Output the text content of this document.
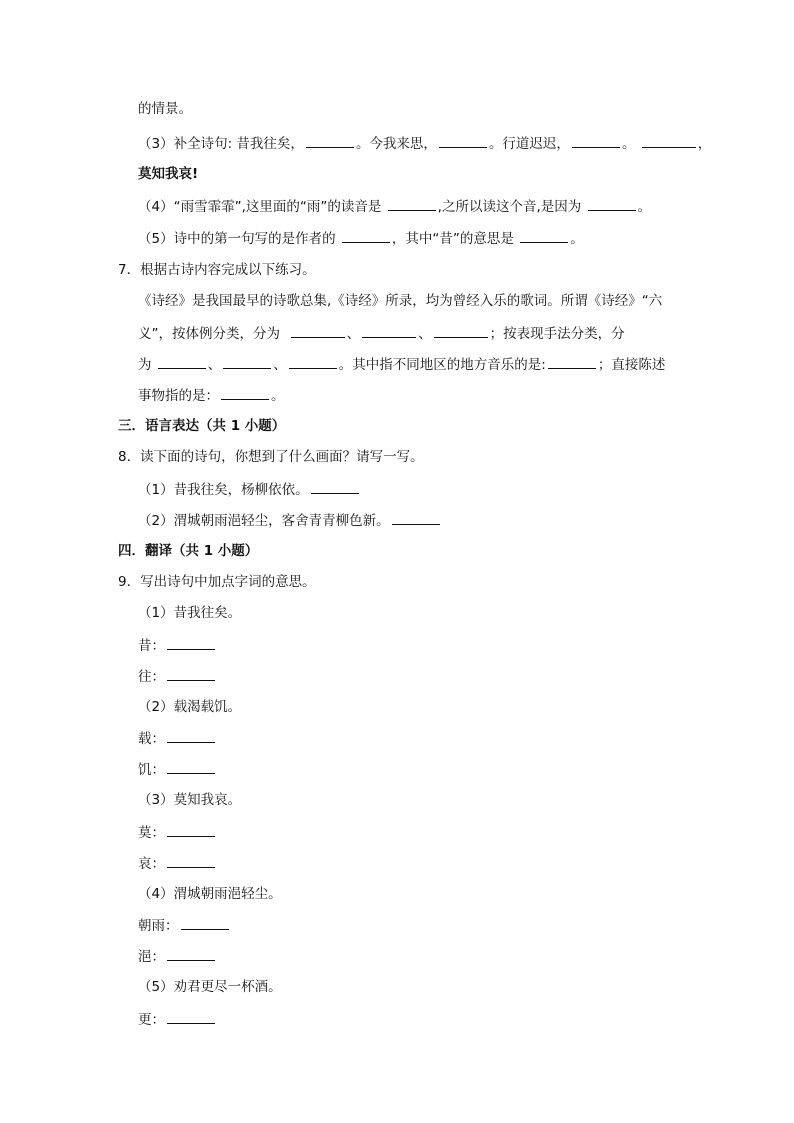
的情景。
（3）补全诗句: 昔我往矣，	。今我来思，	。行道迟迟，	。	，
莫知我哀!
（4）“雨雪霏霏”,这里面的“雨”的读音是	,之所以读这个音,是因为	。
（5）诗中的第一句写的是作者的	，其中“昔”的意思是	。
7．根据古诗内容完成以下练习。
《诗经》是我国最早的诗歌总集,《诗经》所录，均为曾经入乐的歌词。所谓《诗经》“六
义”，按体例分类，分为	、	、	；按表现手法分类，分
为	、	、	。其中指不同地区的地方音乐的是:	；直接陈述
事物指的是：	。
三．语言表达（共 1 小题）
8．读下面的诗句，你想到了什么画面？请写一写。
（1）昔我往矣，杨柳依依。
（2）渭城朝雨浥轻尘，客舍青青柳色新。
四．翻译（共 1 小题）
9．写出诗句中加点字词的意思。
（1）昔我往矣。
昔：
往：
（2）载渴载饥。
载：
饥：
（3）莫知我哀。
莫：
哀：
（4）渭城朝雨浥轻尘。
朝雨：
浥：
（5）劝君更尽一杯酒。
更：
